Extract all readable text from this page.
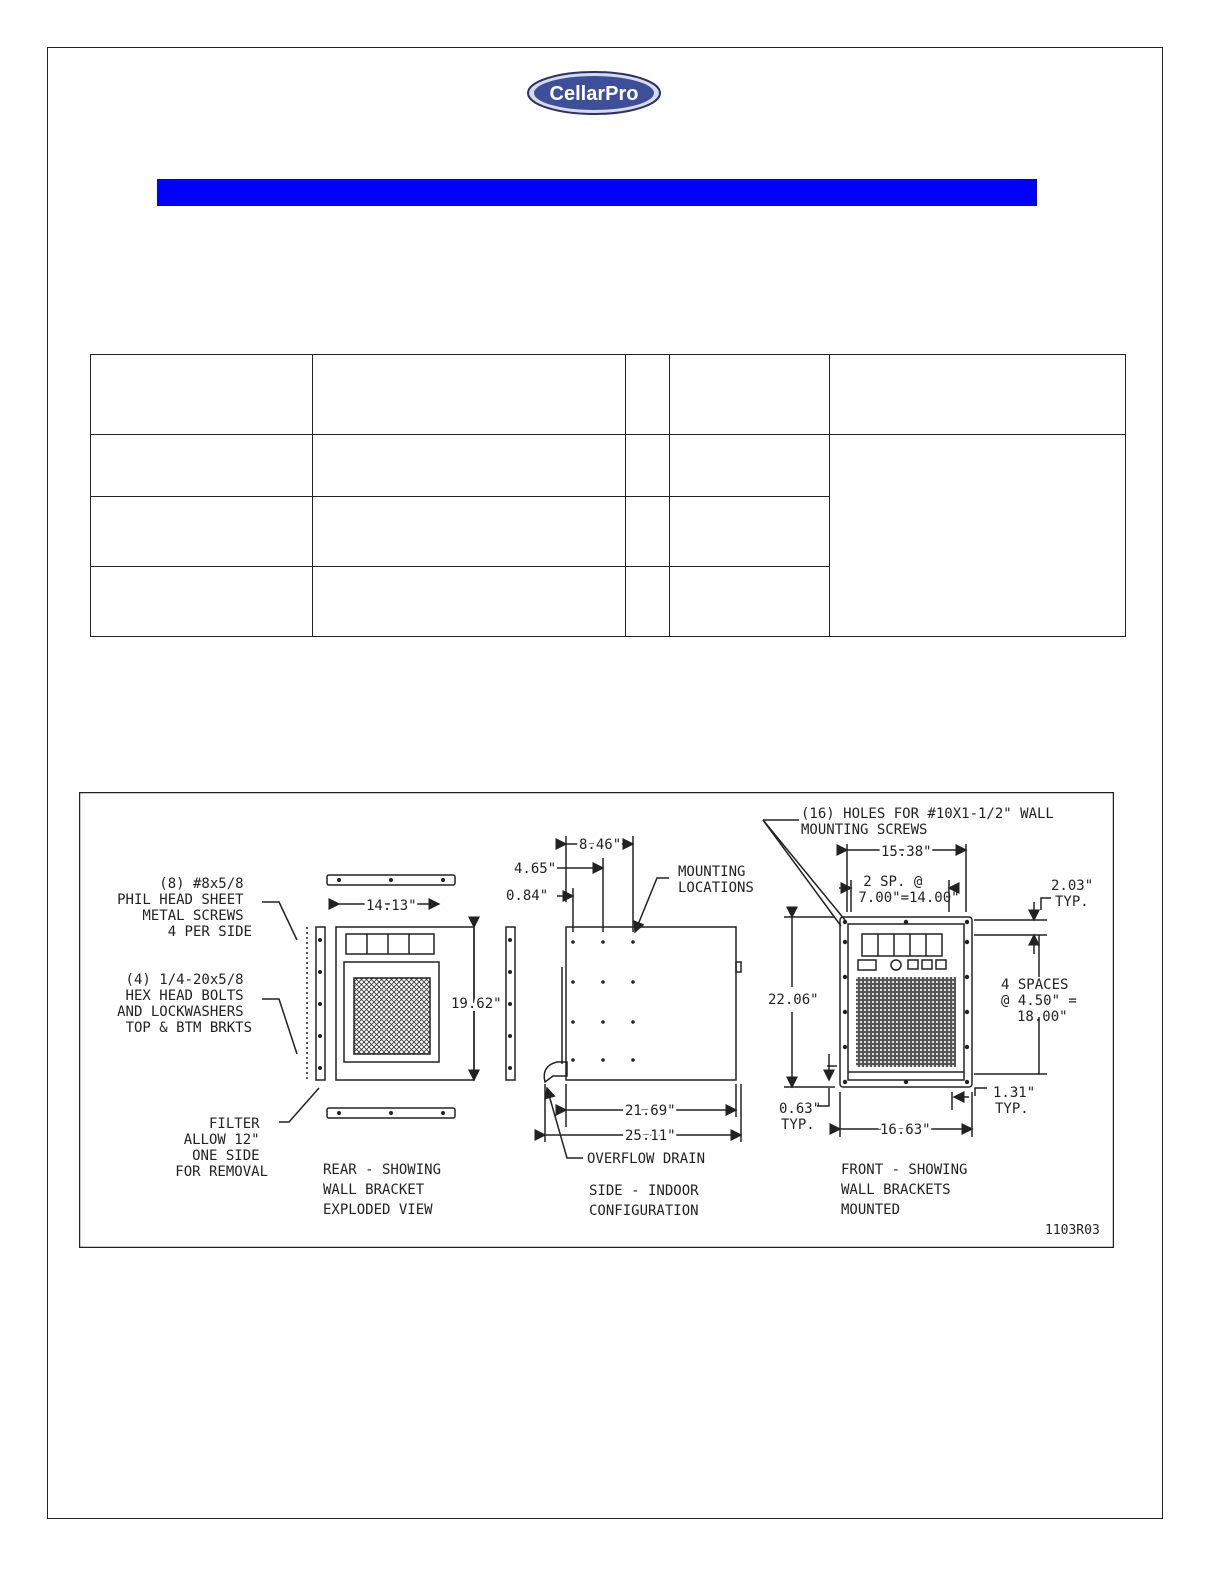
CellarPro

(8) #8x5/8 PHIL HEAD SHEET METAL SCREWS 4 PER SIDE
(4) 1/4-20x5/8 HEX HEAD BOLTS AND LOCKWASHERS TOP & BTM BRKTS
FILTER ALLOW 12" ONE SIDE FOR REMOVAL
14.13"
19.62"
REAR - SHOWING WALL BRACKET EXPLODED VIEW
8.46"
4.65"
0.84"
MOUNTING LOCATIONS
21.69"
25.11"
OVERFLOW DRAIN
SIDE - INDOOR CONFIGURATION
(16) HOLES FOR #10X1-1/2" WALL MOUNTING SCREWS
15.38"
2 SP. @ 7.00"=14.00"
2.03" TYP.
22.06"
4 SPACES @ 4.50" = 18.00"
1.31" TYP.
0.63" TYP.	16.63"
FRONT - SHOWING WALL BRACKETS MOUNTED
1103R03
